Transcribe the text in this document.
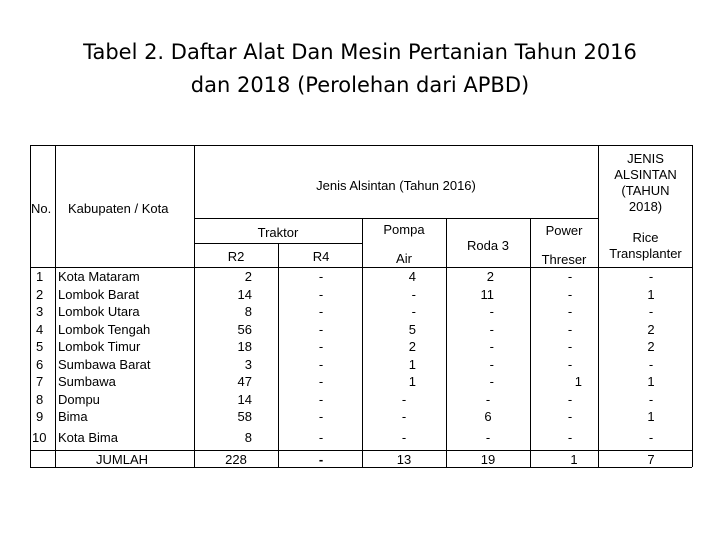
Tabel 2. Daftar Alat Dan Mesin Pertanian Tahun 2016
dan 2018 (Perolehan dari APBD)
No. Kabupaten / Kota
Jenis Alsintan (Tahun 2016)
JENIS
ALSINTAN
(TAHUN
2018)
Traktor
R2	R4
Pompa
Air
Roda 3
Power
Threser
Rice
Transplanter
1 Kota Mataram	2	-	4	2	-	-
2 Lombok Barat	14	-	-	11	-	1
3 Lombok Utara	8	-	-	-	-	-
4 Lombok Tengah	56	-	5	-	-	2
5 Lombok Timur	18	-	2	-	-	2
6 Sumbawa Barat	3	-	1	-	-	-
7 Sumbawa	47	-	1	-	1	1
8 Dompu	14	-	-	-	-	-
9 Bima	58	-	-	6	-	1
10 Kota Bima	8	-	-	-	-	-
JUMLAH	228	-	13	19	1	7
